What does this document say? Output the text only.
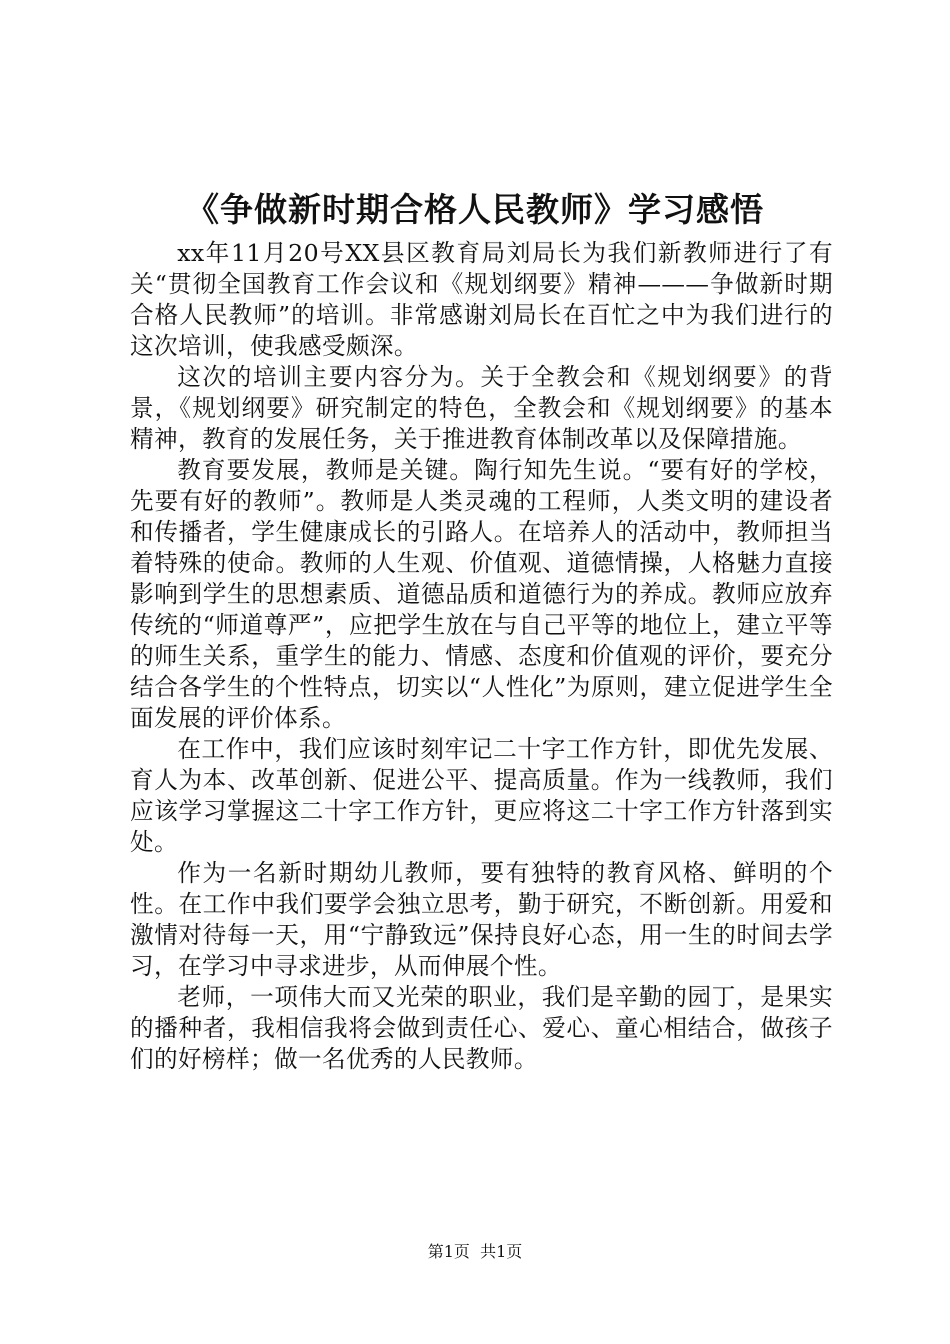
《争做新时期合格人民教师》学习感悟

xx年11月20号XX县区教育局刘局长为我们新教师进行了有关“贯彻全国教育工作会议和《规划纲要》精神———争做新时期合格人民教师”的培训。非常感谢刘局长在百忙之中为我们进行的这次培训，使我感受颇深。

这次的培训主要内容分为。关于全教会和《规划纲要》的背景，《规划纲要》研究制定的特色，全教会和《规划纲要》的基本精神，教育的发展任务，关于推进教育体制改革以及保障措施。

教育要发展，教师是关键。陶行知先生说。“要有好的学校，先要有好的教师”。教师是人类灵魂的工程师，人类文明的建设者和传播者，学生健康成长的引路人。在培养人的活动中，教师担当着特殊的使命。教师的人生观、价值观、道德情操，人格魅力直接影响到学生的思想素质、道德品质和道德行为的养成。教师应放弃传统的“师道尊严”，应把学生放在与自己平等的地位上，建立平等的师生关系，重学生的能力、情感、态度和价值观的评价，要充分结合各学生的个性特点，切实以“人性化”为原则，建立促进学生全面发展的评价体系。

在工作中，我们应该时刻牢记二十字工作方针，即优先发展、育人为本、改革创新、促进公平、提高质量。作为一线教师，我们应该学习掌握这二十字工作方针，更应将这二十字工作方针落到实处。

作为一名新时期幼儿教师，要有独特的教育风格、鲜明的个性。在工作中我们要学会独立思考，勤于研究，不断创新。用爱和激情对待每一天，用“宁静致远”保持良好心态，用一生的时间去学习，在学习中寻求进步，从而伸展个性。

老师，一项伟大而又光荣的职业，我们是辛勤的园丁，是果实的播种者，我相信我将会做到责任心、爱心、童心相结合，做孩子们的好榜样；做一名优秀的人民教师。

第1页 共1页
